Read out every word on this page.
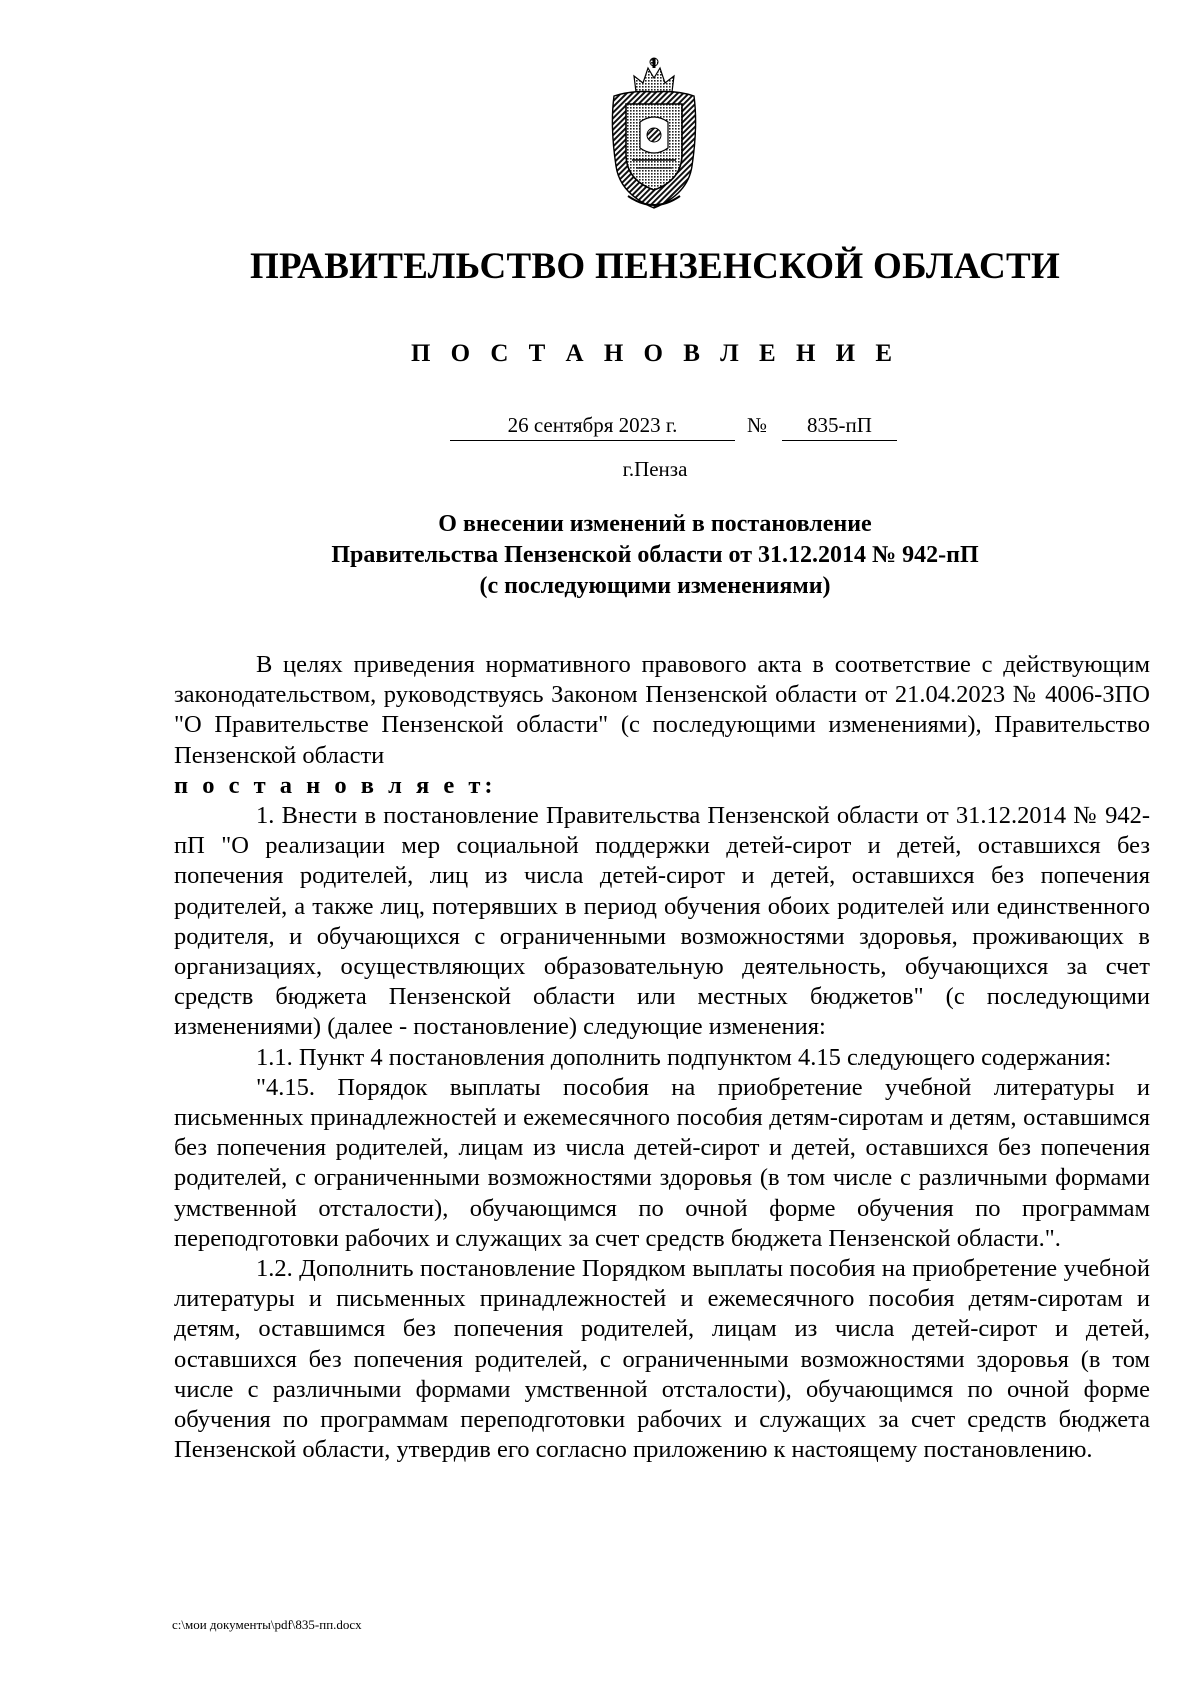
ПРАВИТЕЛЬСТВО ПЕНЗЕНСКОЙ ОБЛАСТИ
П О С Т А Н О В Л Е Н И Е
26 сентября 2023 г.	№	835-пП
г.Пенза
О внесении изменений в постановление
Правительства Пензенской области от 31.12.2014 № 942-пП
(с последующими изменениями)

В целях приведения нормативного правового акта в соответствие с действующим законодательством, руководствуясь Законом Пензенской области от 21.04.2023 № 4006-ЗПО "О Правительстве Пензенской области" (с последующими изменениями), Правительство Пензенской области

п о с т а н о в л я е т:

1. Внести в постановление Правительства Пензенской области от 31.12.2014 № 942-пП "О реализации мер социальной поддержки детей-сирот и детей, оставшихся без попечения родителей, лиц из числа детей-сирот и детей, оставшихся без попечения родителей, а также лиц, потерявших в период обучения обоих родителей или единственного родителя, и обучающихся с ограниченными возможностями здоровья, проживающих в организациях, осуществляющих образовательную деятельность, обучающихся за счет средств бюджета Пензенской области или местных бюджетов" (с последующими изменениями) (далее - постановление) следующие изменения:

1.1. Пункт 4 постановления дополнить подпунктом 4.15 следующего содержания:

"4.15. Порядок выплаты пособия на приобретение учебной литературы и письменных принадлежностей и ежемесячного пособия детям-сиротам и детям, оставшимся без попечения родителей, лицам из числа детей-сирот и детей, оставшихся без попечения родителей, с ограниченными возможностями здоровья (в том числе с различными формами умственной отсталости), обучающимся по очной форме обучения по программам переподготовки рабочих и служащих за счет средств бюджета Пензенской области.".

1.2. Дополнить постановление Порядком выплаты пособия на приобретение учебной литературы и письменных принадлежностей и ежемесячного пособия детям-сиротам и детям, оставшимся без попечения родителей, лицам из числа детей-сирот и детей, оставшихся без попечения родителей, с ограниченными возможностями здоровья (в том числе с различными формами умственной отсталости), обучающимся по очной форме обучения по программам переподготовки рабочих и служащих за счет средств бюджета Пензенской области, утвердив его согласно приложению к настоящему постановлению.

c:\мои документы\pdf\835-пп.docx
